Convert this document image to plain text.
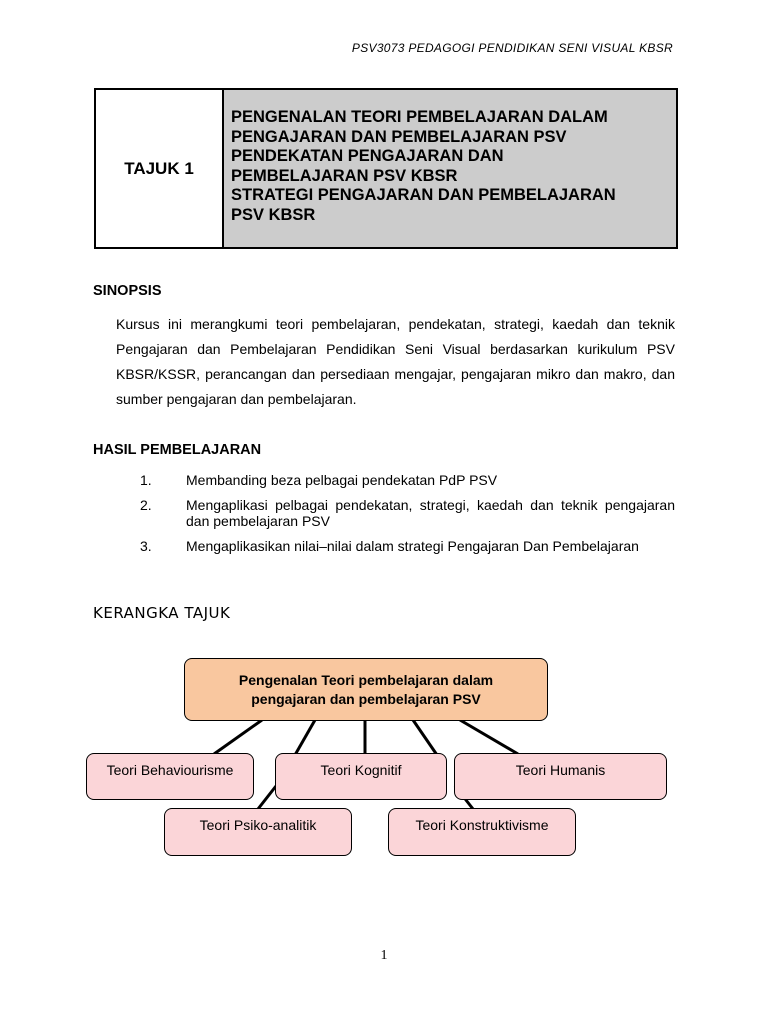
PSV3073 PEDAGOGI PENDIDIKAN SENI VISUAL KBSR
TAJUK 1
PENGENALAN TEORI PEMBELAJARAN DALAM
PENGAJARAN DAN PEMBELAJARAN PSV
PENDEKATAN PENGAJARAN DAN
PEMBELAJARAN PSV KBSR
STRATEGI PENGAJARAN DAN PEMBELAJARAN
PSV KBSR
SINOPSIS
Kursus ini merangkumi teori pembelajaran, pendekatan, strategi, kaedah dan teknik Pengajaran dan Pembelajaran Pendidikan Seni Visual berdasarkan kurikulum PSV KBSR/KSSR, perancangan dan persediaan mengajar, pengajaran mikro dan makro, dan sumber pengajaran dan pembelajaran.
HASIL PEMBELAJARAN
1.	Membanding beza pelbagai pendekatan PdP PSV
2.	Mengaplikasi pelbagai pendekatan, strategi, kaedah dan teknik pengajaran dan pembelajaran PSV
3.	Mengaplikasikan nilai–nilai dalam strategi Pengajaran Dan Pembelajaran
KERANGKA TAJUK
Pengenalan Teori pembelajaran dalam
pengajaran dan pembelajaran PSV
Teori Behaviourisme	Teori Kognitif	Teori Humanis
Teori Psiko-analitik	Teori Konstruktivisme
1
